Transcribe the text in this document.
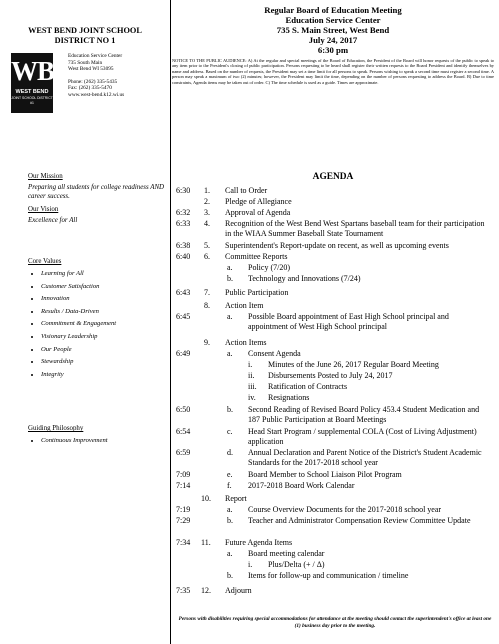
WEST BEND JOINT SCHOOL
DISTRICT NO 1
WB
WEST BEND
JOINT SCHOOL DISTRICT #1
Education Service Center
735 South Main
West Bend WI 53095
Phone: (262) 335-5435
Fax: (262) 335-5470
www.west-bend.k12.wi.us
Our Mission
Preparing all students for college readiness AND career success.
Our Vision
Excellence for All
Core Values
• Learning for All
• Customer Satisfaction
• Innovation
• Results / Data-Driven
• Commitment & Engagement
• Visionary Leadership
• Our People
• Stewardship
• Integrity
Guiding Philosophy
• Continuous Improvement
Regular Board of Education Meeting
Education Service Center
735 S. Main Street, West Bend
July 24, 2017
6:30 pm
NOTICE TO THE PUBLIC AUDIENCE: A) At the regular and special meetings of the Board of Education, the President of the Board will honor requests of the public to speak to any item prior to the President's closing of public participation. Persons requesting to be heard shall register their written requests to the Board President and identify themselves by name and address. Based on the number of requests, the President may set a time limit for all persons to speak. Persons wishing to speak a second time must register a second time. A person may speak a maximum of two (2) minutes; however, the President may limit the time, depending on the number of persons requesting to address the Board. B) Due to time constraints, Agenda items may be taken out of order. C) The time schedule is used as a guide. Times are approximate.
AGENDA
6:30 1. Call to Order
2. Pledge of Allegiance
6:32 3. Approval of Agenda
6:33 4. Recognition of the West Bend West Spartans baseball team for their participation in the WIAA Summer Baseball State Tournament
6:38 5. Superintendent's Report-update on recent, as well as upcoming events
6:40 6. Committee Reports
a. Policy (7/20)
b. Technology and Innovations (7/24)
6:43 7. Public Participation
8. Action Item
6:45	a. Possible Board appointment of East High School principal and appointment of West High School principal
9. Action Items
6:49	a. Consent Agenda
i. Minutes of the June 26, 2017 Regular Board Meeting
ii. Disbursements Posted to July 24, 2017
iii. Ratification of Contracts
iv. Resignations
6:50	b. Second Reading of Revised Board Policy 453.4 Student Medication and 187 Public Participation at Board Meetings
6:54	c. Head Start Program / supplemental COLA (Cost of Living Adjustment) application
6:59	d. Annual Declaration and Parent Notice of the District's Student Academic Standards for the 2017-2018 school year
7:09	e. Board Member to School Liaison Pilot Program
7:14	f. 2017-2018 Board Work Calendar
10. Report
7:19	a. Course Overview Documents for the 2017-2018 school year
7:29	b. Teacher and Administrator Compensation Review Committee Update
7:34 11. Future Agenda Items
a. Board meeting calendar
i. Plus/Delta (+ / Δ)
b. Items for follow-up and communication / timeline
7:35 12. Adjourn
Persons with disabilities requiring special accommodations for attendance at the meeting should contact the superintendent's office at least one (1) business day prior to the meeting.
